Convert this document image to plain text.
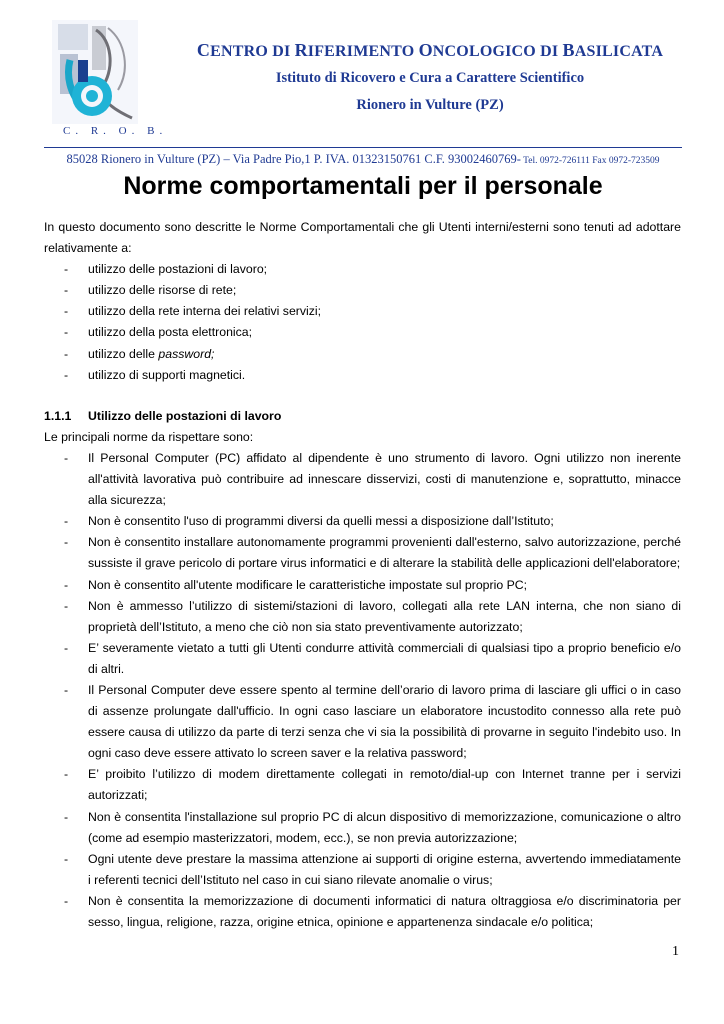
C. R. O. B.
CENTRO DI RIFERIMENTO ONCOLOGICO DI BASILICATA
Istituto di Ricovero e Cura a Carattere Scientifico
Rionero in Vulture (PZ)
85028 Rionero in Vulture (PZ) – Via Padre Pio,1 P. IVA. 01323150761 C.F. 93002460769- Tel. 0972-726111 Fax 0972-723509
Norme comportamentali per il personale

In questo documento sono descritte le Norme Comportamentali che gli Utenti interni/esterni sono tenuti ad adottare relativamente a:

- utilizzo delle postazioni di lavoro;
- utilizzo delle risorse di rete;
- utilizzo della rete interna dei relativi servizi;
- utilizzo della posta elettronica;
- utilizzo delle password;
- utilizzo di supporti magnetici.
1.1.1 Utilizzo delle postazioni di lavoro

Le principali norme da rispettare sono:

- Il Personal Computer (PC) affidato al dipendente è uno strumento di lavoro. Ogni utilizzo non inerente all'attività lavorativa può contribuire ad innescare disservizi, costi di manutenzione e, soprattutto, minacce alla sicurezza;
- Non è consentito l'uso di programmi diversi da quelli messi a disposizione dall’Istituto;
- Non è consentito installare autonomamente programmi provenienti dall'esterno, salvo autorizzazione, perché sussiste il grave pericolo di portare virus informatici e di alterare la stabilità delle applicazioni dell'elaboratore;
- Non è consentito all'utente modificare le caratteristiche impostate sul proprio PC;
- Non è ammesso l’utilizzo di sistemi/stazioni di lavoro, collegati alla rete LAN interna, che non siano di proprietà dell’Istituto, a meno che ciò non sia stato preventivamente autorizzato;
- E’ severamente vietato a tutti gli Utenti condurre attività commerciali di qualsiasi tipo a proprio beneficio e/o di altri.
- Il Personal Computer deve essere spento al termine dell’orario di lavoro prima di lasciare gli uffici o in caso di assenze prolungate dall'ufficio. In ogni caso lasciare un elaboratore incustodito connesso alla rete può essere causa di utilizzo da parte di terzi senza che vi sia la possibilità di provarne in seguito l'indebito uso. In ogni caso deve essere attivato lo screen saver e la relativa password;
- E’ proibito l’utilizzo di modem direttamente collegati in remoto/dial-up con Internet tranne per i servizi autorizzati;
- Non è consentita l'installazione sul proprio PC di alcun dispositivo di memorizzazione, comunicazione o altro (come ad esempio masterizzatori, modem, ecc.), se non previa autorizzazione;
- Ogni utente deve prestare la massima attenzione ai supporti di origine esterna, avvertendo immediatamente i referenti tecnici dell’Istituto nel caso in cui siano rilevate anomalie o virus;
- Non è consentita la memorizzazione di documenti informatici di natura oltraggiosa e/o discriminatoria per sesso, lingua, religione, razza, origine etnica, opinione e appartenenza sindacale e/o politica;
1
